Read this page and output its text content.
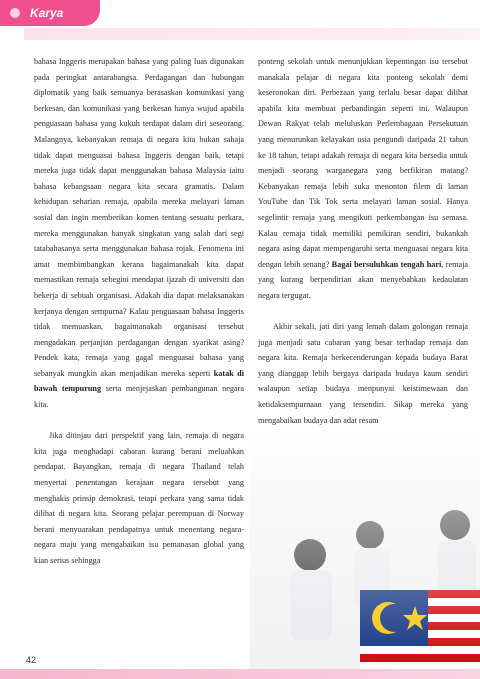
Karya

bahasa Inggeris merupakan bahasa yang paling luas digunakan pada peringkat antarabangsa. Perdagangan dan hubungan diplomatik yang baik semuanya berasaskan komunikasi yang berkesan, dan komunikasi yang berkesan hanya wujud apabila penguasaan bahasa yang kukuh terdapat dalam diri seseorang. Malangnya, kebanyakan remaja di negara kita bukan sahaja tidak dapat menguasai bahasa Inggeris dengan baik, tetapi mereka juga tidak dapat menggunakan bahasa Malaysia iaitu bahasa kebangsaan negara kita secara gramatis. Dalam kehidupan seharian remaja, apabila mereka melayari laman sosial dan ingin memberikan komen tentang sesuatu perkara, mereka menggunakan banyak singkatan yang salah dari segi tatabahasanya serta menggunakan bahasa rojak. Fenomena ini amat membimbangkan kerana bagaimanakah kita dapat memastikan remaja sebegini mendapat ijazah di universiti dan bekerja di sebuah organisasi. Adakah dia dapat melaksanakan kerjanya dengan sempurna? Kalau penguasaan bahasa Inggeris tidak memuaskan, bagaimanakah organisasi tersebut mengadakan perjanjian perdagangan dengan syarikat asing? Pendek kata, remaja yang gagal menguasai bahasa yang sebanyak mungkin akan menjadikan mereka seperti katak di bawah tempurung serta menjejaskan pembangunan negara kita.

Jika ditinjau dari perspektif yang lain, remaja di negara kita juga menghadapi cabaran kurang berani meluahkan pendapat. Bayangkan, remaja di negara Thailand telah menyertai penentangan kerajaan negara tersebut yang menghakis prinsip demokrasi, tetapi perkara yang sama tidak dilihat di negara kita. Seorang pelajar perempuan di Norway berani menyuarakan pendapatnya untuk menentang negara-negara maju yang mengabaikan isu pemanasan global yang kian serius sehingga

ponteng sekolah untuk menunjukkan kepentingan isu tersebut manakala pelajar di negara kita ponteng sekolah demi keseronokan diri. Perbezaan yang terlalu besar dapat dilihat apabila kita membuat perbandingan seperti ini. Walaupun Dewan Rakyat telah meluluskan Perlembagaan Persekutuan yang menurunkan kelayakan usia pengundi daripada 21 tahun ke 18 tahun, tetapi adakah remaja di negara kita bersedia untuk menjadi seorang warganegara yang berfikiran matang? Kebanyakan remaja lebih suka menonton filem di laman YouTube dan Tik Tok serta melayari laman sosial. Hanya segelintir remaja yang mengikuti perkembangan isu semasa. Kalau remaja tidak memiliki pemikiran sendiri, bukankah negara asing dapat mempengaruhi serta menguasai negara kita dengan lebih senang? Bagai bersuluhkan tengah hari, remaja yang kurang berpendirian akan menyebabkan kedaulatan negara tergugat.

Akhir sekali, jati diri yang lemah dalam golongan remaja juga menjadi satu cabaran yang besar terhadap remaja dan negara kita. Remaja berkecenderungan kepada budaya Barat yang dianggap lebih bergaya daripada budaya kaum sendiri walaupun setiap budaya menpunyai keistimewaan dan ketidaksempurnaan yang tersendiri. Sikap mereka yang mengabaikan budaya dan adat resam

42
